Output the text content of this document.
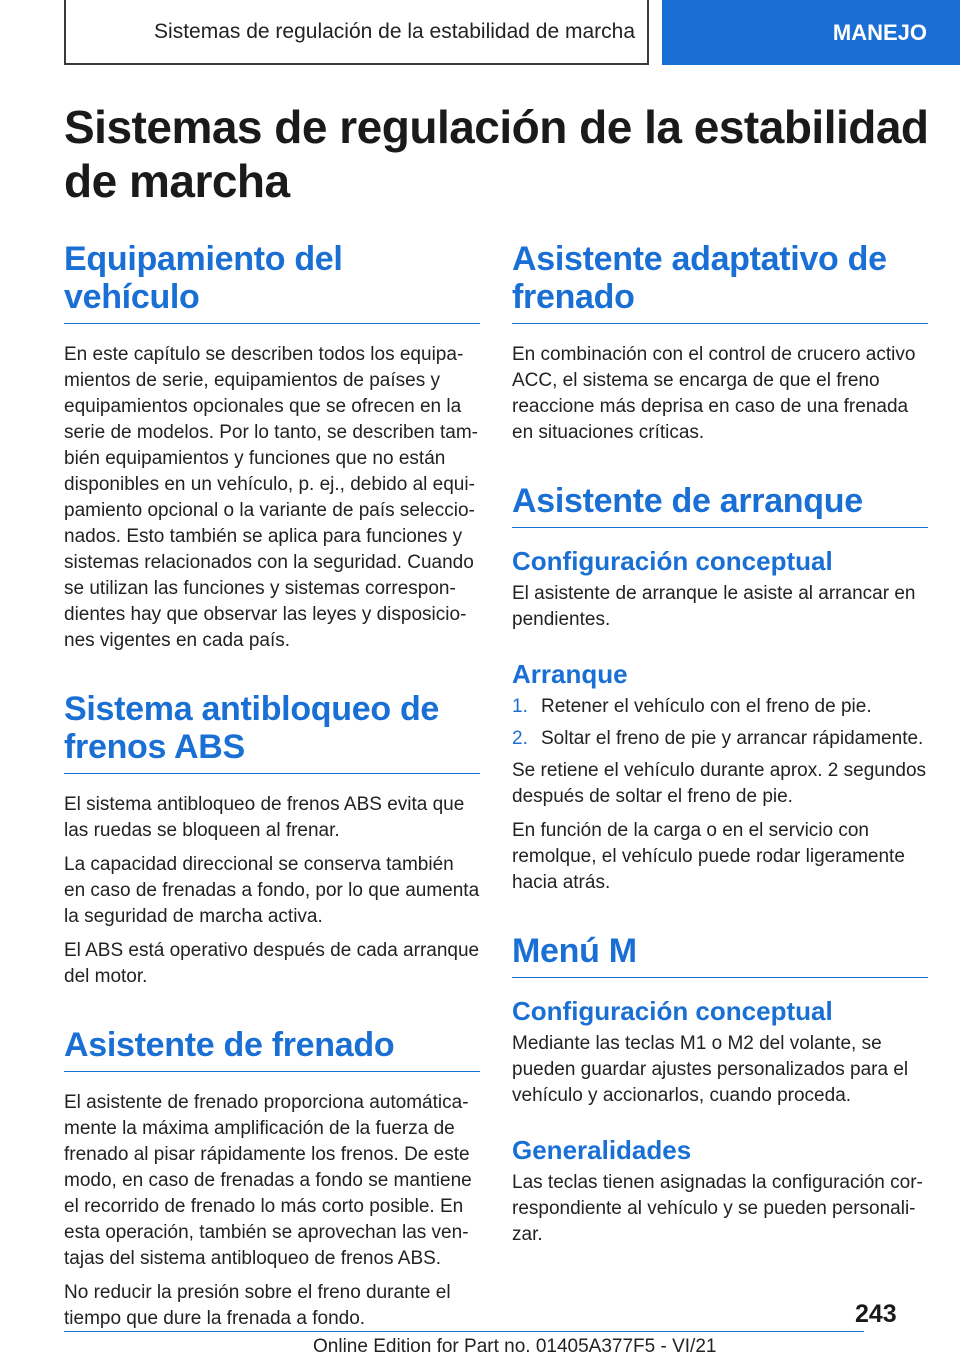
Sistemas de regulación de la estabilidad de marcha	MANEJO
Sistemas de regulación de la estabilidad de marcha
Equipamiento del vehículo

En este capítulo se describen todos los equipamientos de serie, equipamientos de países y equipamientos opcionales que se ofrecen en la serie de modelos. Por lo tanto, se describen también equipamientos y funciones que no están disponibles en un vehículo, p. ej., debido al equipamiento opcional o la variante de país seleccionados. Esto también se aplica para funciones y sistemas relacionados con la seguridad. Cuando se utilizan las funciones y sistemas correspondientes hay que observar las leyes y disposiciones vigentes en cada país.

Sistema antibloqueo de frenos ABS

El sistema antibloqueo de frenos ABS evita que las ruedas se bloqueen al frenar.

La capacidad direccional se conserva también en caso de frenadas a fondo, por lo que aumenta la seguridad de marcha activa.

El ABS está operativo después de cada arranque del motor.

Asistente de frenado

El asistente de frenado proporciona automáticamente la máxima amplificación de la fuerza de frenado al pisar rápidamente los frenos. De este modo, en caso de frenadas a fondo se mantiene el recorrido de frenado lo más corto posible. En esta operación, también se aprovechan las ventajas del sistema antibloqueo de frenos ABS.

No reducir la presión sobre el freno durante el tiempo que dure la frenada a fondo.

Asistente adaptativo de frenado

En combinación con el control de crucero activo ACC, el sistema se encarga de que el freno reaccione más deprisa en caso de una frenada en situaciones críticas.

Asistente de arranque
Configuración conceptual

El asistente de arranque le asiste al arrancar en pendientes.

Arranque
1. Retener el vehículo con el freno de pie.
2. Soltar el freno de pie y arrancar rápidamente.

Se retiene el vehículo durante aprox. 2 segundos después de soltar el freno de pie.

En función de la carga o en el servicio con remolque, el vehículo puede rodar ligeramente hacia atrás.

Menú M
Configuración conceptual

Mediante las teclas M1 o M2 del volante, se pueden guardar ajustes personalizados para el vehículo y accionarlos, cuando proceda.

Generalidades

Las teclas tienen asignadas la configuración correspondiente al vehículo y se pueden personalizar.

243
Online Edition for Part no. 01405A377F5 - VI/21
